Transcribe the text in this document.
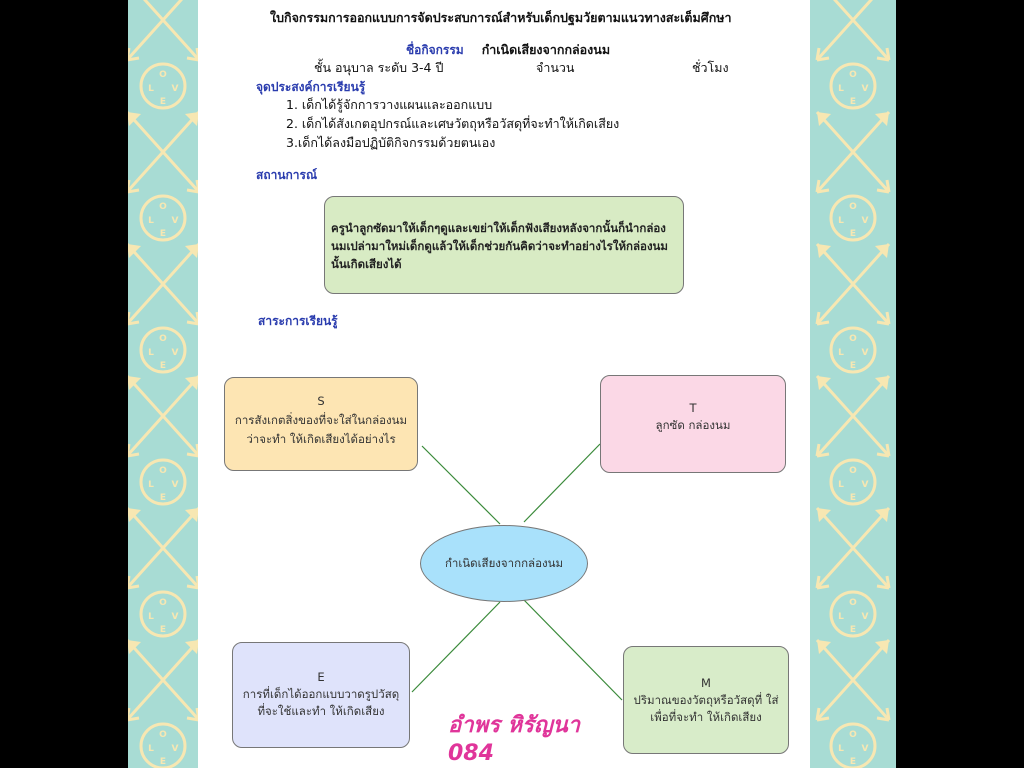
O
L V
E
O
L V
E
O
L V
E
O
L V
E
O
L V
E
O
L V
E
O
L V
E
O
L V
E
O
L V
E
O
L V
E
O
L V
E
O
L V
E
ใบกิจกรรมการออกแบบการจัดประสบการณ์สำหรับเด็กปฐมวัยตามแนวทางสะเต็มศึกษา
ชื่อกิจกรรม กำเนิดเสียงจากกล่องนม
ชั้น อนุบาล ระดับ 3-4 ปี	จำนวน	ชั่วโมง
จุดประสงค์การเรียนรู้
1. เด็กได้รู้จักการวางแผนและออกแบบ
2. เด็กได้สังเกตอุปกรณ์และเศษวัตถุหรือวัสดุที่จะทำให้เกิดเสียง
3.เด็กได้ลงมือปฏิบัติกิจกรรมด้วยตนเอง
สถานการณ์
ครูนำลูกซัดมาให้เด็กๆดูและเขย่าให้เด็กฟังเสียงหลังจากนั้นก็นำกล่องนมเปล่ามาใหม่เด็กดูแล้วให้เด็กช่วยกันคิดว่าจะทำอย่างไรให้กล่องนมนั้นเกิดเสียงได้
สาระการเรียนรู้
S
การสังเกตสิ่งของที่จะใส่ในกล่องนม
ว่าจะทำ ให้เกิดเสียงได้อย่างไร
T
ลูกซัด กล่องนม
กำเนิดเสียงจากกล่องนม
E
การที่เด็กได้ออกแบบวาดรูปวัสดุ
ที่จะใช้และทำ ให้เกิดเสียง
M
ปริมาณของวัตถุหรือวัสดุที่ ใส่
เพื่อที่จะทำ ให้เกิดเสียง
อำพร หิรัญนา
084
